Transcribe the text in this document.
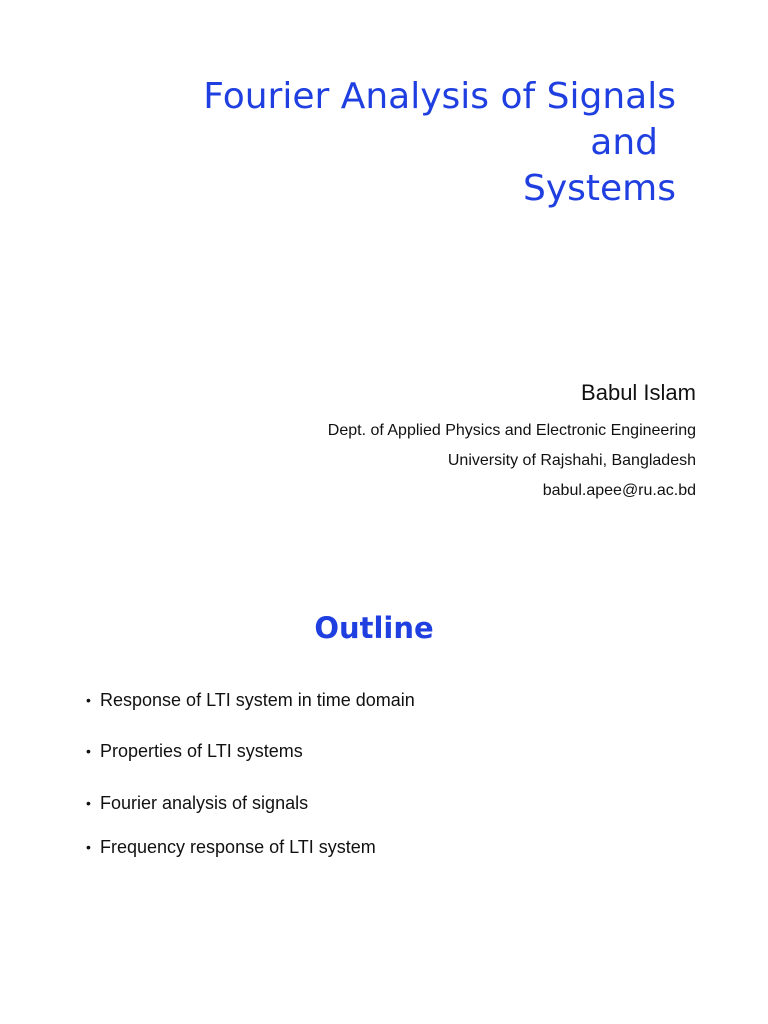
Fourier Analysis of Signals
and
Systems
Babul Islam
Dept. of Applied Physics and Electronic Engineering
University of Rajshahi, Bangladesh
babul.apee@ru.ac.bd
Outline
• Response of LTI system in time domain
• Properties of LTI systems
• Fourier analysis of signals
• Frequency response of LTI system
